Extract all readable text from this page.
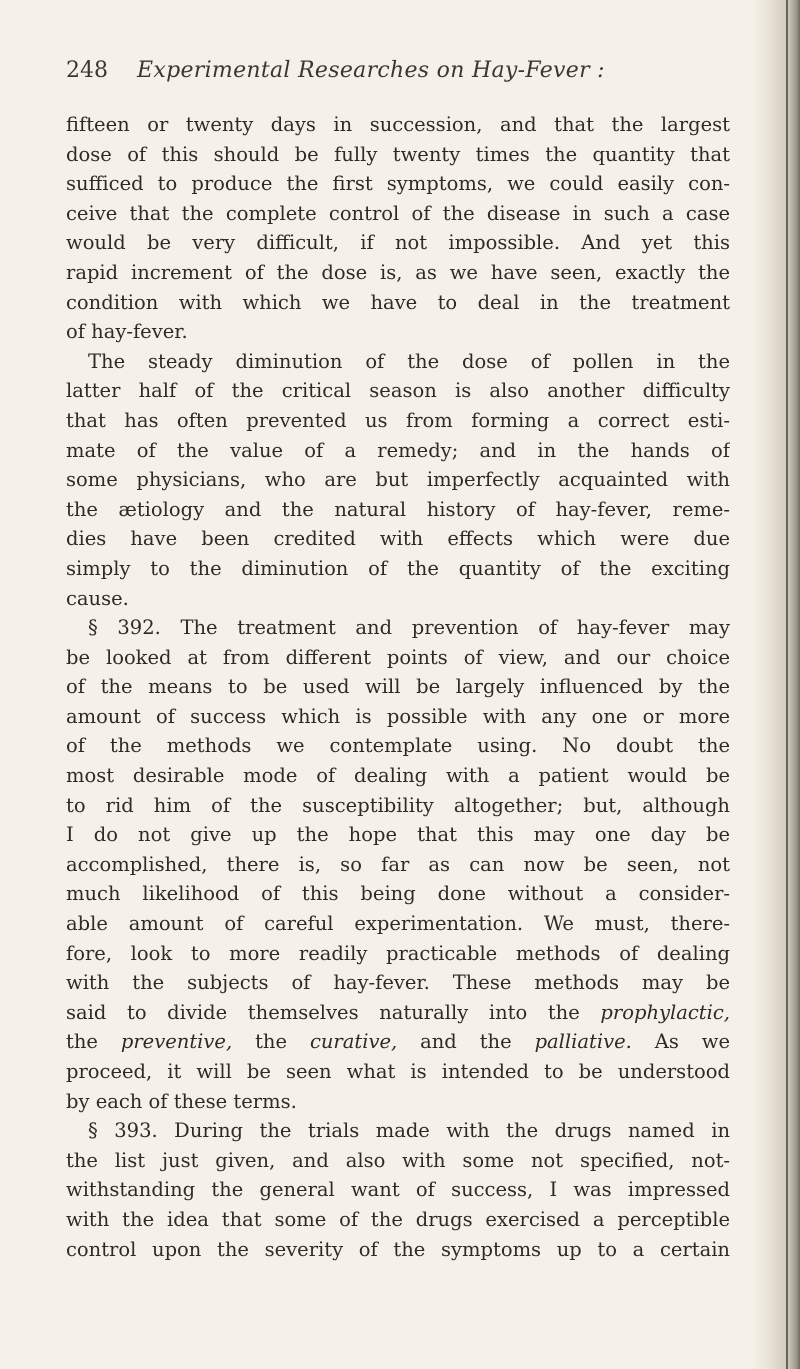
248 Experimental Researches on Hay-Fever :
fifteen or twenty days in succession, and that the largest
dose of this should be fully twenty times the quantity that
sufficed to produce the first symptoms, we could easily con-
ceive that the complete control of the disease in such a case
would be very difficult, if not impossible. And yet this
rapid increment of the dose is, as we have seen, exactly the
condition with which we have to deal in the treatment
of hay-fever.
The steady diminution of the dose of pollen in the
latter half of the critical season is also another difficulty
that has often prevented us from forming a correct esti-
mate of the value of a remedy; and in the hands of
some physicians, who are but imperfectly acquainted with
the ætiology and the natural history of hay-fever, reme-
dies have been credited with effects which were due
simply to the diminution of the quantity of the exciting
cause.
§ 392. The treatment and prevention of hay-fever may
be looked at from different points of view, and our choice
of the means to be used will be largely influenced by the
amount of success which is possible with any one or more
of the methods we contemplate using. No doubt the
most desirable mode of dealing with a patient would be
to rid him of the susceptibility altogether; but, although
I do not give up the hope that this may one day be
accomplished, there is, so far as can now be seen, not
much likelihood of this being done without a consider-
able amount of careful experimentation. We must, there-
fore, look to more readily practicable methods of dealing
with the subjects of hay-fever. These methods may be
said to divide themselves naturally into the prophylactic,
the preventive, the curative, and the palliative. As we
proceed, it will be seen what is intended to be understood
by each of these terms.
§ 393. During the trials made with the drugs named in
the list just given, and also with some not specified, not-
withstanding the general want of success, I was impressed
with the idea that some of the drugs exercised a perceptible
control upon the severity of the symptoms up to a certain
